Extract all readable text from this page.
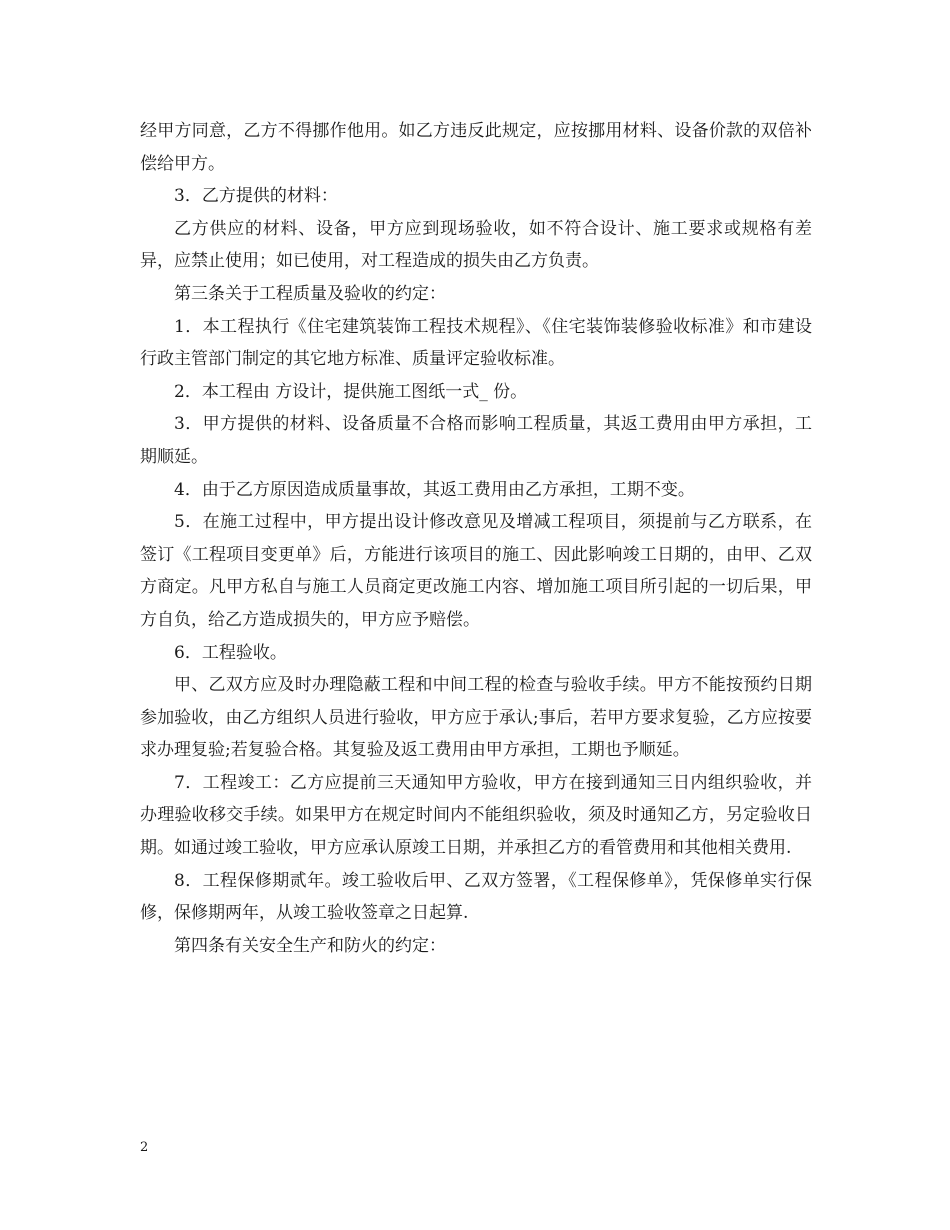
经甲方同意，乙方不得挪作他用。如乙方违反此规定，应按挪用材料、设备价款的双倍补偿给甲方。

3．乙方提供的材料：

乙方供应的材料、设备，甲方应到现场验收，如不符合设计、施工要求或规格有差异，应禁止使用；如已使用，对工程造成的损失由乙方负责。

第三条关于工程质量及验收的约定：

1．本工程执行《住宅建筑装饰工程技术规程》、《住宅装饰装修验收标准》和市建设行政主管部门制定的其它地方标准、质量评定验收标准。

2．本工程由 方设计，提供施工图纸一式_ 份。

3．甲方提供的材料、设备质量不合格而影响工程质量，其返工费用由甲方承担，工期顺延。

4．由于乙方原因造成质量事故，其返工费用由乙方承担，工期不变。

5．在施工过程中，甲方提出设计修改意见及增减工程项目，须提前与乙方联系，在签订《工程项目变更单》后，方能进行该项目的施工、因此影响竣工日期的，由甲、乙双方商定。凡甲方私自与施工人员商定更改施工内容、增加施工项目所引起的一切后果，甲方自负，给乙方造成损失的，甲方应予赔偿。

6．工程验收。

甲、乙双方应及时办理隐蔽工程和中间工程的检查与验收手续。甲方不能按预约日期参加验收，由乙方组织人员进行验收，甲方应于承认;事后，若甲方要求复验，乙方应按要求办理复验;若复验合格。其复验及返工费用由甲方承担，工期也予顺延。

7．工程竣工：乙方应提前三天通知甲方验收，甲方在接到通知三日内组织验收，并办理验收移交手续。如果甲方在规定时间内不能组织验收，须及时通知乙方，另定验收日期。如通过竣工验收，甲方应承认原竣工日期，并承担乙方的看管费用和其他相关费用.

8．工程保修期贰年。竣工验收后甲、乙双方签署，《工程保修单》，凭保修单实行保修，保修期两年，从竣工验收签章之日起算.

第四条有关安全生产和防火的约定：

2
